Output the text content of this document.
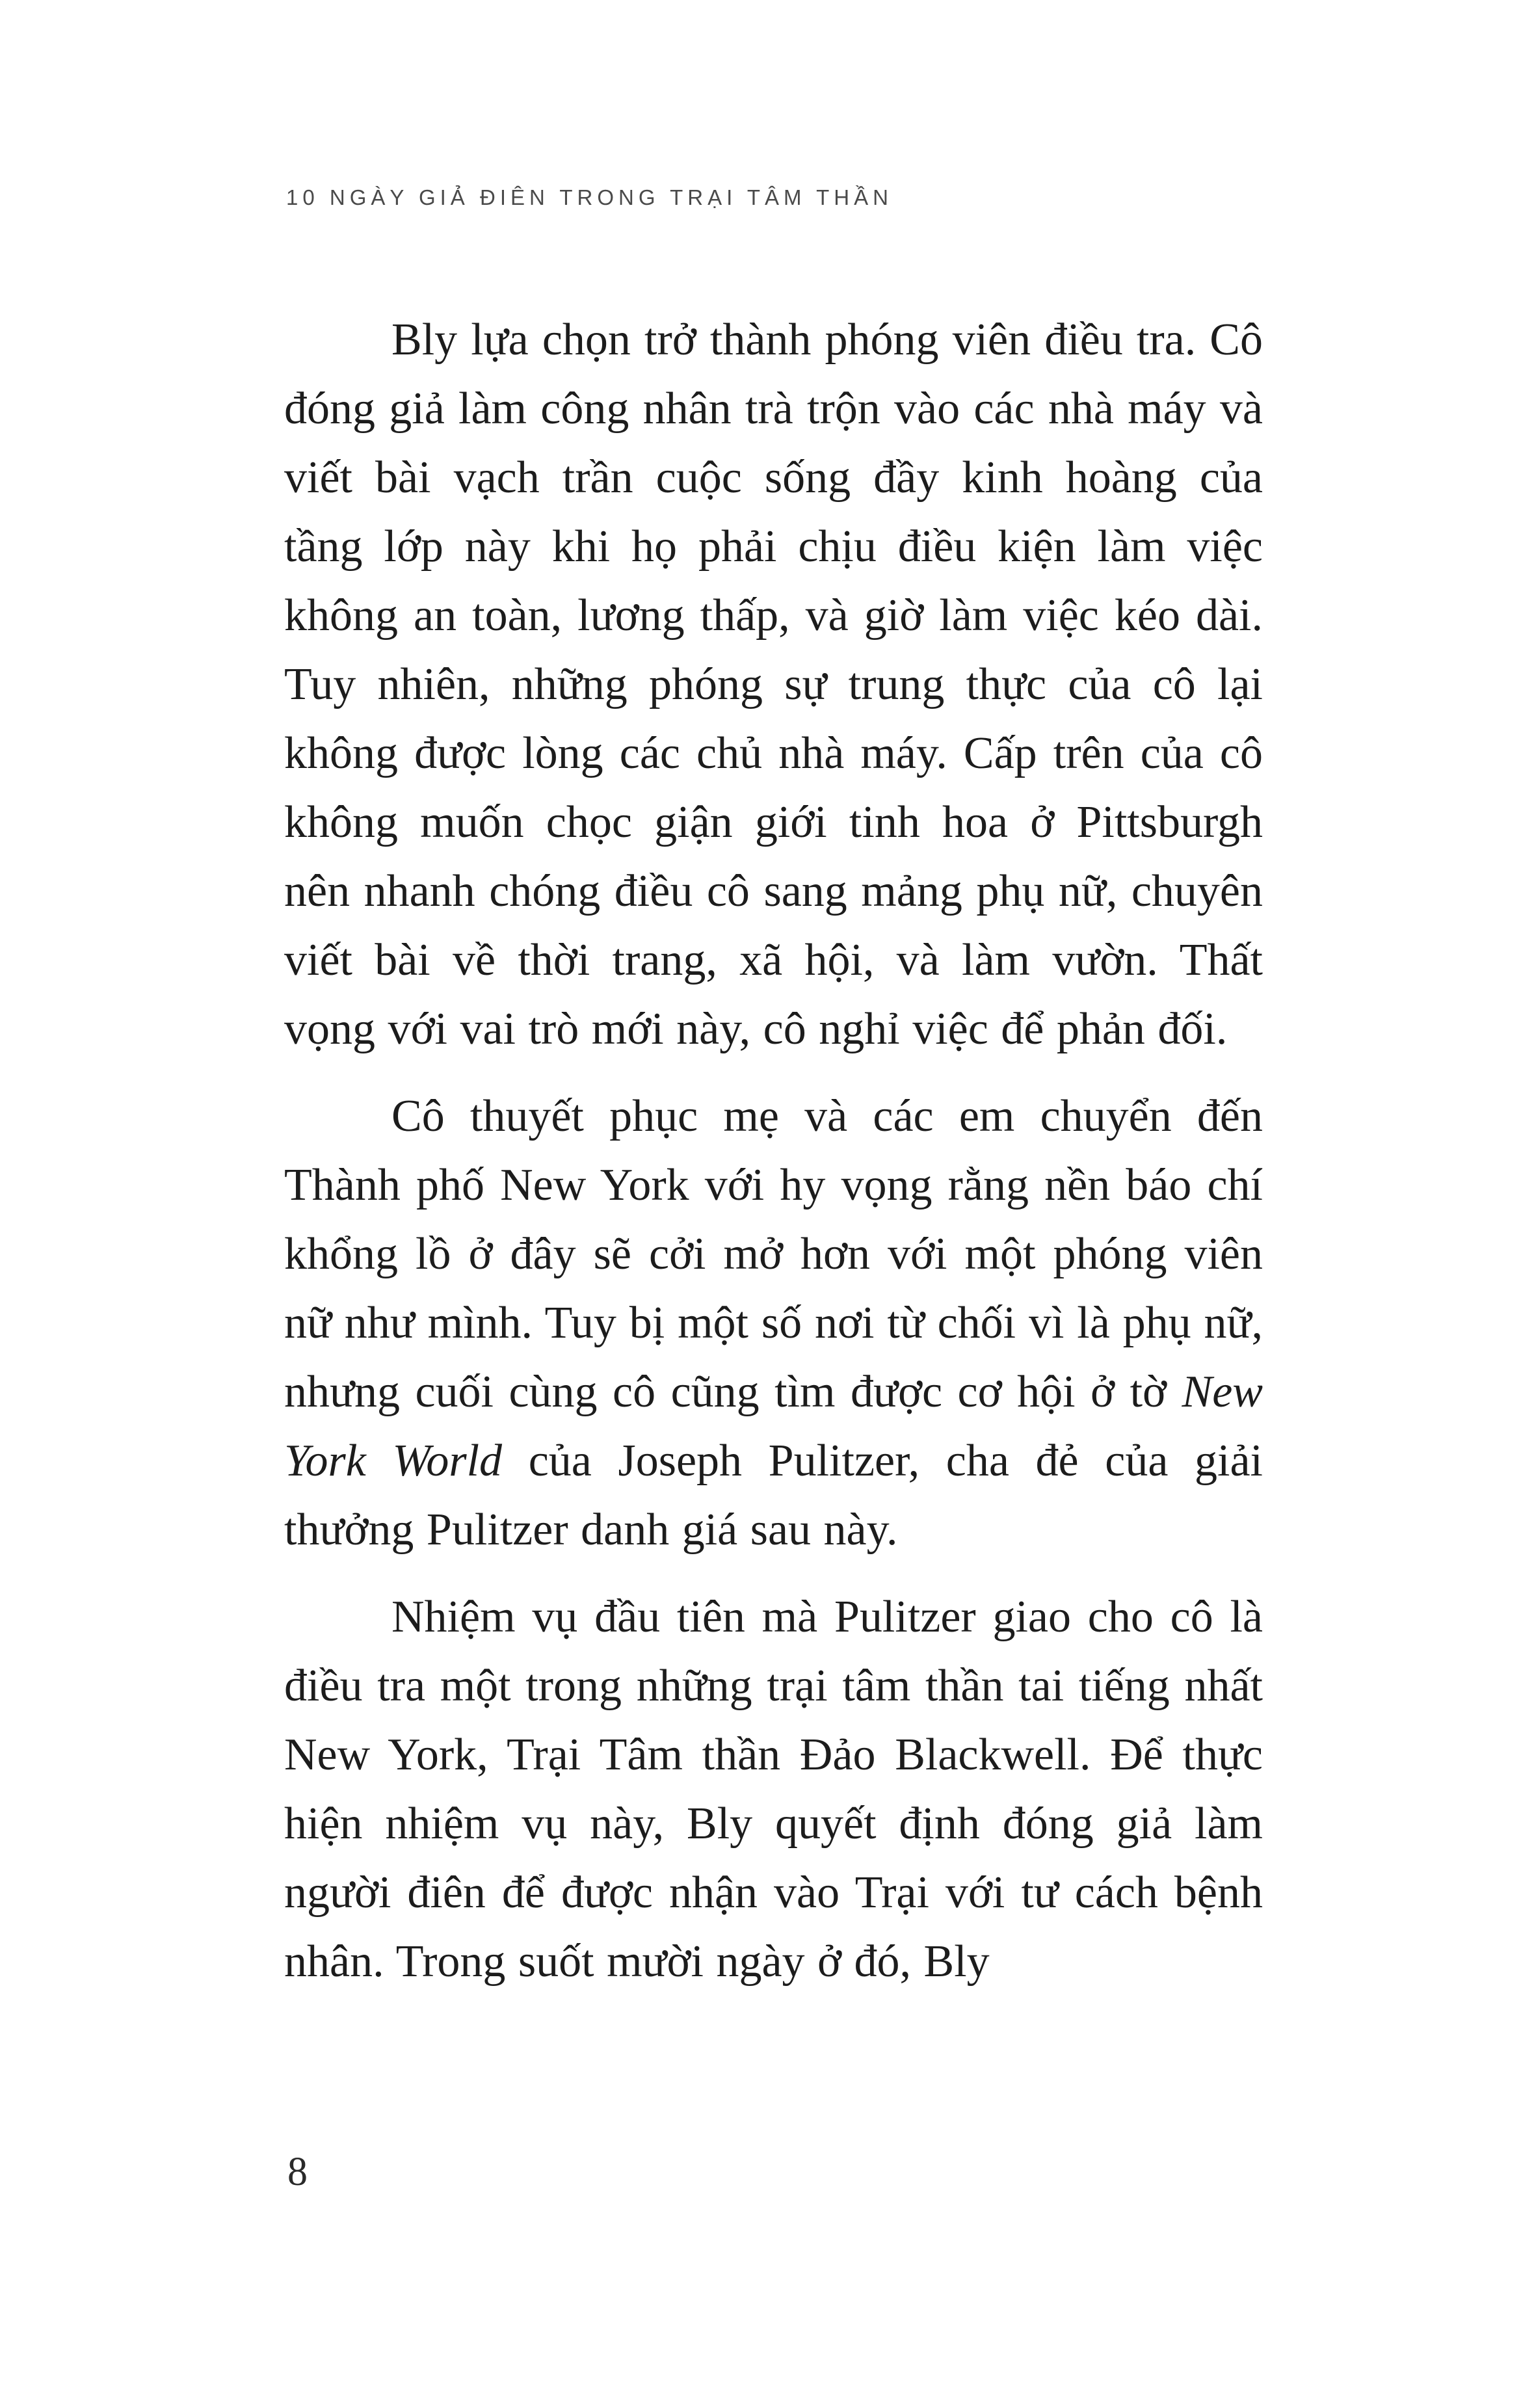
10 NGÀY GIẢ ĐIÊN TRONG TRẠI TÂM THẦN

Bly lựa chọn trở thành phóng viên điều tra. Cô đóng giả làm công nhân trà trộn vào các nhà máy và viết bài vạch trần cuộc sống đầy kinh hoàng của tầng lớp này khi họ phải chịu điều kiện làm việc không an toàn, lương thấp, và giờ làm việc kéo dài. Tuy nhiên, những phóng sự trung thực của cô lại không được lòng các chủ nhà máy. Cấp trên của cô không muốn chọc giận giới tinh hoa ở Pittsburgh nên nhanh chóng điều cô sang mảng phụ nữ, chuyên viết bài về thời trang, xã hội, và làm vườn. Thất vọng với vai trò mới này, cô nghỉ việc để phản đối.

Cô thuyết phục mẹ và các em chuyển đến Thành phố New York với hy vọng rằng nền báo chí khổng lồ ở đây sẽ cởi mở hơn với một phóng viên nữ như mình. Tuy bị một số nơi từ chối vì là phụ nữ, nhưng cuối cùng cô cũng tìm được cơ hội ở tờ New York World của Joseph Pulitzer, cha đẻ của giải thưởng Pulitzer danh giá sau này.

Nhiệm vụ đầu tiên mà Pulitzer giao cho cô là điều tra một trong những trại tâm thần tai tiếng nhất New York, Trại Tâm thần Đảo Blackwell. Để thực hiện nhiệm vụ này, Bly quyết định đóng giả làm người điên để được nhận vào Trại với tư cách bệnh nhân. Trong suốt mười ngày ở đó, Bly

8
